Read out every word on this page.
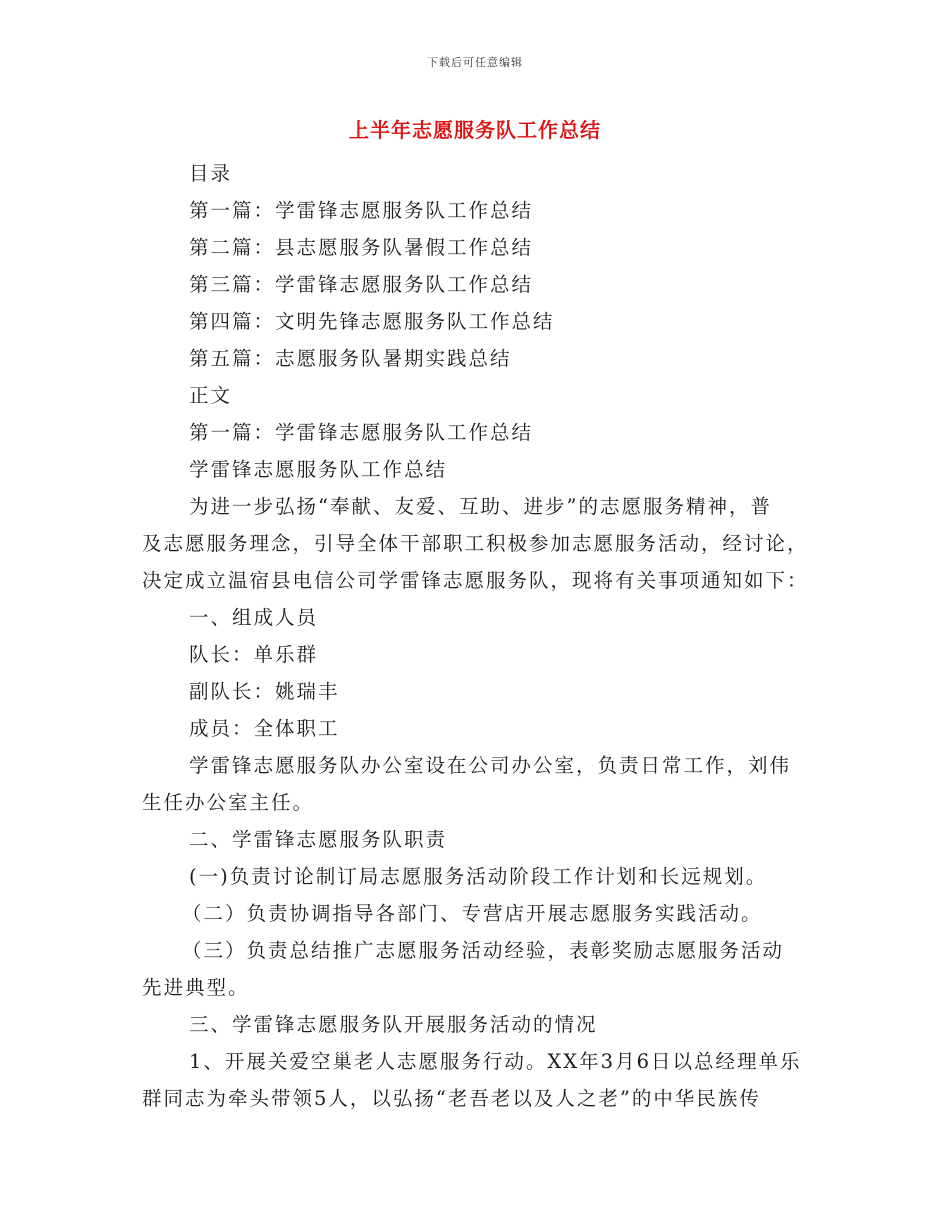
下载后可任意编辑
上半年志愿服务队工作总结
目录
第一篇：学雷锋志愿服务队工作总结
第二篇：县志愿服务队暑假工作总结
第三篇：学雷锋志愿服务队工作总结
第四篇：文明先锋志愿服务队工作总结
第五篇：志愿服务队暑期实践总结
正文
第一篇：学雷锋志愿服务队工作总结
学雷锋志愿服务队工作总结
为进一步弘扬“奉献、友爱、互助、进步”的志愿服务精神，普
及志愿服务理念，引导全体干部职工积极参加志愿服务活动，经讨论，
决定成立温宿县电信公司学雷锋志愿服务队，现将有关事项通知如下：
一、组成人员
队长：单乐群
副队长：姚瑞丰
成员：全体职工
学雷锋志愿服务队办公室设在公司办公室，负责日常工作，刘伟
生任办公室主任。
二、学雷锋志愿服务队职责
(一)负责讨论制订局志愿服务活动阶段工作计划和长远规划。
（二）负责协调指导各部门、专营店开展志愿服务实践活动。
（三）负责总结推广志愿服务活动经验，表彰奖励志愿服务活动
先进典型。
三、学雷锋志愿服务队开展服务活动的情况
1、开展关爱空巢老人志愿服务行动。XX年3月6日以总经理单乐
群同志为牵头带领5人，以弘扬“老吾老以及人之老”的中华民族传
